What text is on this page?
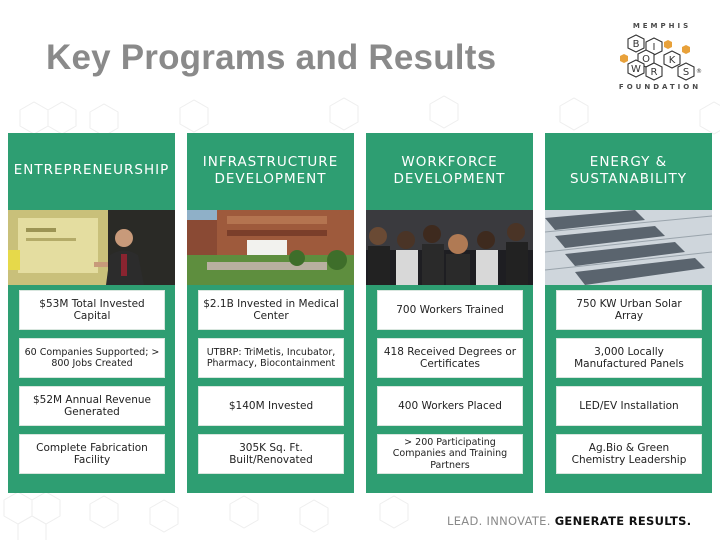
Key Programs and Results
MEMPHIS
B I
O K
W R	S ®
FOUNDATION
ENTREPRENEURSHIP
$53M Total Invested Capital
60 Companies Supported; > 800 Jobs Created
$52M Annual Revenue Generated
Complete Fabrication Facility
INFRASTRUCTURE DEVELOPMENT
$2.1B Invested in Medical Center
UTBRP: TriMetis, Incubator, Pharmacy, Biocontainment
$140M Invested
305K Sq. Ft. Built/Renovated
WORKFORCE DEVELOPMENT
700 Workers Trained
418 Received Degrees or Certificates
400 Workers Placed
> 200 Participating Companies and Training Partners
ENERGY & SUSTANABILITY
750 KW Urban Solar Array
3,000 Locally Manufactured Panels
LED/EV Installation
Ag.Bio & Green Chemistry Leadership
LEAD. INNOVATE. GENERATE RESULTS.
